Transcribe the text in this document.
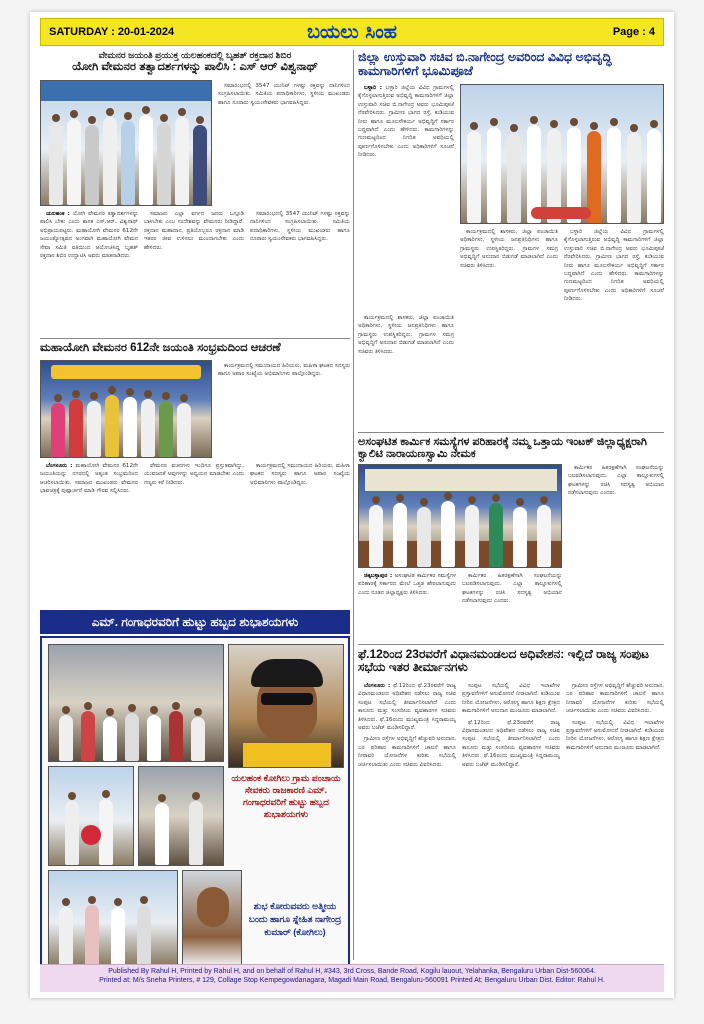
SATURDAY : 20-01-2024	ಬಯಲು ಸಿಂಹ	Page : 4
ವೇಮನರ ಜಯಂತಿ ಪ್ರಯುಕ್ತ ಯಲಹಂಕದಲ್ಲಿ ಬೃಹತ್ ರಕ್ತದಾನ ಶಿಬಿರ
ಯೋಗಿ ವೇಮನರ ತತ್ವಾದರ್ಶಗಳನ್ನು ಪಾಲಿಸಿ : ಎಸ್ ಆರ್ ವಿಶ್ವನಾಥ್

ಸಮಾರಂಭದಲ್ಲಿ 3547 ಯುನಿಟ್ ಗಳಷ್ಟು ರಕ್ತವನ್ನು ದಾನಿಗಳಿಂದ ಸಂಗ್ರಹಿಸಲಾಯಿತು. ಸಮಿತಿಯ ಪದಾಧಿಕಾರಿಗಳು, ಸ್ಥಳೀಯ ಮುಖಂಡರು ಹಾಗೂ ನೂರಾರು ಸ್ವಯಂಸೇವಕರು ಭಾಗವಹಿಸಿದ್ದರು.

ಯಲಹಂಕ : ಯೋಗಿ ವೇಮನರ ತತ್ವಾದರ್ಶಗಳನ್ನು ಪಾಲಿಸಿ ಬೇಕು ಎಂದು ಶಾಸಕ ಎಸ್.ಆರ್. ವಿಶ್ವನಾಥ್ ಅಭಿಪ್ರಾಯಪಟ್ಟರು. ಮಹಾಯೋಗಿ ವೇಮನರ 612ನೇ ಜಯಂತ್ಯೋತ್ಸವದ ಅಂಗವಾಗಿ ಮಹಾಯೋಗಿ ವೇಮನ ಸೇವಾ ಸಮಿತಿ ವತಿಯಿಂದ ಆಯೋಜಿಸಿದ್ದ ಬೃಹತ್ ರಕ್ತದಾನ ಶಿಬಿರ ಉದ್ಘಾಟಿಸಿ ಅವರು ಮಾತನಾಡಿದರು.

ಸಮಾಜದ ಎಲ್ಲಾ ವರ್ಗದ ಜನರು ಒಗ್ಗೂಡಿ ಬಾಳಬೇಕು ಎಂಬ ಸಂದೇಶವನ್ನು ವೇಮನರು ನೀಡಿದ್ದಾರೆ. ರಕ್ತದಾನ ಮಹಾದಾನ, ಪ್ರತಿಯೊಬ್ಬರೂ ರಕ್ತದಾನ ಮಾಡಿ ಇತರರ ಜೀವ ಉಳಿಸಲು ಮುಂದಾಗಬೇಕು ಎಂದು ಹೇಳಿದರು.

ಸಮಾರಂಭದಲ್ಲಿ 3547 ಯುನಿಟ್ ಗಳಷ್ಟು ರಕ್ತವನ್ನು ದಾನಿಗಳಿಂದ ಸಂಗ್ರಹಿಸಲಾಯಿತು. ಸಮಿತಿಯ ಪದಾಧಿಕಾರಿಗಳು, ಸ್ಥಳೀಯ ಮುಖಂಡರು ಹಾಗೂ ನೂರಾರು ಸ್ವಯಂಸೇವಕರು ಭಾಗವಹಿಸಿದ್ದರು.

ಮಹಾಯೋಗಿ ವೇಮನರ 612ನೇ ಜಯಂತಿ ಸಂಭ್ರಮದಿಂದ ಆಚರಣೆ

ಕಾರ್ಯಕ್ರಮದಲ್ಲಿ ಸಮುದಾಯದ ಹಿರಿಯರು, ಮಹಿಳಾ ಘಟಕದ ಸದಸ್ಯರು ಹಾಗೂ ಅಪಾರ ಸಂಖ್ಯೆಯ ಅಭಿಮಾನಿಗಳು ಪಾಲ್ಗೊಂಡಿದ್ದರು.

ಬೆಂಗಳೂರು : ಮಹಾಯೋಗಿ ವೇಮನರ 612ನೇ ಜಯಂತಿಯನ್ನು ನಗರದಲ್ಲಿ ಅತ್ಯಂತ ಸಂಭ್ರಮದಿಂದ ಆಚರಿಸಲಾಯಿತು. ಸಮಾಜದ ಮುಖಂಡರು ವೇಮನರ ಭಾವಚಿತ್ರಕ್ಕೆ ಪುಷ್ಪಾರ್ಚನೆ ಮಾಡಿ ಗೌರವ ಸಲ್ಲಿಸಿದರು.

ವೇಮನರ ವಚನಗಳು ಇಂದಿಗೂ ಪ್ರಸ್ತುತವಾಗಿದ್ದು, ಯುವಜನತೆ ಅವುಗಳನ್ನು ಅಧ್ಯಯನ ಮಾಡಬೇಕು ಎಂದು ಗಣ್ಯರು ಕರೆ ನೀಡಿದರು.

ಕಾರ್ಯಕ್ರಮದಲ್ಲಿ ಸಮುದಾಯದ ಹಿರಿಯರು, ಮಹಿಳಾ ಘಟಕದ ಸದಸ್ಯರು ಹಾಗೂ ಅಪಾರ ಸಂಖ್ಯೆಯ ಅಭಿಮಾನಿಗಳು ಪಾಲ್ಗೊಂಡಿದ್ದರು.

ಎಮ್. ಗಂಗಾಧರವರಿಗೆ ಹುಟ್ಟು ಹಬ್ಬದ ಶುಭಾಶಯಗಳು
ಯಲಹಂಕ ಕೋಗಿಲು ಗ್ರಾಮ ಪಂಚಾಯ ಸೇವಕರು ರಾಜಕಾರಣಿ ಎಮ್. ಗಂಗಾಧರವರಿಗೆ ಹುಟ್ಟು ಹಬ್ಬದ ಶುಭಾಶಯಗಳು
ಶುಭ ಕೋರುವವರು ಅತ್ಮೀಯ ಬಂದು ಹಾಗೂ ಸ್ನೇಹಿತ ನಾಗೇಂದ್ರ ಕುಮಾರ್ (ಕೋಗಿಲು)
ಜಿಲ್ಲಾ ಉಸ್ತುವಾರಿ ಸಚಿವ ಬಿ.ನಾಗೇಂದ್ರ ಅವರಿಂದ ವಿವಿಧ ಅಭಿವೃದ್ಧಿ ಕಾಮಗಾರಿಗಳಿಗೆ ಭೂಮಿಪೂಜೆ

ಬಳ್ಳಾರಿ : ಬಳ್ಳಾರಿ ಜಿಲ್ಲೆಯ ವಿವಿಧ ಗ್ರಾಮಗಳಲ್ಲಿ ಕೈಗೊಳ್ಳಲಾಗುತ್ತಿರುವ ಅಭಿವೃದ್ಧಿ ಕಾಮಗಾರಿಗಳಿಗೆ ಜಿಲ್ಲಾ ಉಸ್ತುವಾರಿ ಸಚಿವ ಬಿ.ನಾಗೇಂದ್ರ ಅವರು ಭೂಮಿಪೂಜೆ ನೆರವೇರಿಸಿದರು. ಗ್ರಾಮೀಣ ಭಾಗದ ರಸ್ತೆ, ಕುಡಿಯುವ ನೀರು ಹಾಗೂ ಮೂಲಸೌಕರ್ಯ ಅಭಿವೃದ್ಧಿಗೆ ಸರ್ಕಾರ ಬದ್ಧವಾಗಿದೆ ಎಂದು ಹೇಳಿದರು. ಕಾಮಗಾರಿಗಳನ್ನು ಗುಣಮಟ್ಟದಿಂದ ನಿಗದಿತ ಅವಧಿಯಲ್ಲಿ ಪೂರ್ಣಗೊಳಿಸಬೇಕು ಎಂದು ಅಧಿಕಾರಿಗಳಿಗೆ ಸೂಚನೆ ನೀಡಿದರು.

ಕಾರ್ಯಕ್ರಮದಲ್ಲಿ ಶಾಸಕರು, ಜಿಲ್ಲಾ ಪಂಚಾಯಿತಿ ಅಧಿಕಾರಿಗಳು, ಸ್ಥಳೀಯ ಜನಪ್ರತಿನಿಧಿಗಳು ಹಾಗೂ ಗ್ರಾಮಸ್ಥರು ಉಪಸ್ಥಿತರಿದ್ದರು. ಗ್ರಾಮಗಳ ಸಮಗ್ರ ಅಭಿವೃದ್ಧಿಗೆ ಅನುದಾನ ಬಿಡುಗಡೆ ಮಾಡಲಾಗಿದೆ ಎಂದು ಸಚಿವರು ತಿಳಿಸಿದರು.

ಬಳ್ಳಾರಿ ಜಿಲ್ಲೆಯ ವಿವಿಧ ಗ್ರಾಮಗಳಲ್ಲಿ ಕೈಗೊಳ್ಳಲಾಗುತ್ತಿರುವ ಅಭಿವೃದ್ಧಿ ಕಾಮಗಾರಿಗಳಿಗೆ ಜಿಲ್ಲಾ ಉಸ್ತುವಾರಿ ಸಚಿವ ಬಿ.ನಾಗೇಂದ್ರ ಅವರು ಭೂಮಿಪೂಜೆ ನೆರವೇರಿಸಿದರು. ಗ್ರಾಮೀಣ ಭಾಗದ ರಸ್ತೆ, ಕುಡಿಯುವ ನೀರು ಹಾಗೂ ಮೂಲಸೌಕರ್ಯ ಅಭಿವೃದ್ಧಿಗೆ ಸರ್ಕಾರ ಬದ್ಧವಾಗಿದೆ ಎಂದು ಹೇಳಿದರು. ಕಾಮಗಾರಿಗಳನ್ನು ಗುಣಮಟ್ಟದಿಂದ ನಿಗದಿತ ಅವಧಿಯಲ್ಲಿ ಪೂರ್ಣಗೊಳಿಸಬೇಕು ಎಂದು ಅಧಿಕಾರಿಗಳಿಗೆ ಸೂಚನೆ ನೀಡಿದರು.

ಕಾರ್ಯಕ್ರಮದಲ್ಲಿ ಶಾಸಕರು, ಜಿಲ್ಲಾ ಪಂಚಾಯಿತಿ ಅಧಿಕಾರಿಗಳು, ಸ್ಥಳೀಯ ಜನಪ್ರತಿನಿಧಿಗಳು ಹಾಗೂ ಗ್ರಾಮಸ್ಥರು ಉಪಸ್ಥಿತರಿದ್ದರು. ಗ್ರಾಮಗಳ ಸಮಗ್ರ ಅಭಿವೃದ್ಧಿಗೆ ಅನುದಾನ ಬಿಡುಗಡೆ ಮಾಡಲಾಗಿದೆ ಎಂದು ಸಚಿವರು ತಿಳಿಸಿದರು.

ಅಸಂಘಟಿತ ಕಾರ್ಮಿಕ ಸಮಸ್ಯೆಗಳ ಪರಿಹಾರಕ್ಕೆ ನಮ್ಮ ಒತ್ತಾಯ ಇಂಟಕ್ ಜಿಲ್ಲಾಧ್ಯಕ್ಷರಾಗಿ ಕ್ವಾಲಿಟಿ ನಾರಾಯಣಸ್ವಾಮಿ ನೇಮಕ

ಕಾರ್ಮಿಕರ ಹಿತರಕ್ಷಣೆಗಾಗಿ ಸಂಘಟನೆಯನ್ನು ಬಲಪಡಿಸಲಾಗುವುದು. ಎಲ್ಲಾ ತಾಲ್ಲೂಕುಗಳಲ್ಲಿ ಘಟಕಗಳನ್ನು ರಚಿಸಿ ಸದಸ್ಯತ್ವ ಅಭಿಯಾನ ನಡೆಸಲಾಗುವುದು ಎಂದರು.

ಚಿಕ್ಕಬಳ್ಳಾಪುರ : ಅಸಂಘಟಿತ ಕಾರ್ಮಿಕರ ಸಮಸ್ಯೆಗಳ ಪರಿಹಾರಕ್ಕೆ ಸರ್ಕಾರದ ಮೇಲೆ ಒತ್ತಡ ಹೇರಲಾಗುವುದು ಎಂದು ನೂತನ ಜಿಲ್ಲಾಧ್ಯಕ್ಷರು ತಿಳಿಸಿದರು.

ಕಾರ್ಮಿಕರ ಹಿತರಕ್ಷಣೆಗಾಗಿ ಸಂಘಟನೆಯನ್ನು ಬಲಪಡಿಸಲಾಗುವುದು. ಎಲ್ಲಾ ತಾಲ್ಲೂಕುಗಳಲ್ಲಿ ಘಟಕಗಳನ್ನು ರಚಿಸಿ ಸದಸ್ಯತ್ವ ಅಭಿಯಾನ ನಡೆಸಲಾಗುವುದು ಎಂದರು.

ಫೆ.12ರಿಂದ 23ರವರೆಗೆ ವಿಧಾನಮಂಡಲದ ಅಧಿವೇಶನ: ಇಲ್ಲಿದೆ ರಾಜ್ಯ ಸಂಪುಟ ಸಭೆಯ ಇತರ ತೀರ್ಮಾನಗಳು

ಬೆಂಗಳೂರು : ಫೆ.12ರಿಂದ ಫೆ.23ರವರೆಗೆ ರಾಜ್ಯ ವಿಧಾನಮಂಡಲದ ಅಧಿವೇಶನ ನಡೆಸಲು ರಾಜ್ಯ ಸಚಿವ ಸಂಪುಟ ಸಭೆಯಲ್ಲಿ ತೀರ್ಮಾನಿಸಲಾಗಿದೆ ಎಂದು ಕಾನೂನು ಮತ್ತು ಸಂಸದೀಯ ವ್ಯವಹಾರಗಳ ಸಚಿವರು ತಿಳಿಸಿದರು. ಫೆ.16ರಂದು ಮುಖ್ಯಮಂತ್ರಿ ಸಿದ್ದರಾಮಯ್ಯ ಅವರು ಬಜೆಟ್ ಮಂಡಿಸಲಿದ್ದಾರೆ.

ಗ್ರಾಮೀಣ ರಸ್ತೆಗಳ ಅಭಿವೃದ್ಧಿಗೆ ಹೆಚ್ಚುವರಿ ಅನುದಾನ, ಬರ ಪರಿಹಾರ ಕಾಮಗಾರಿಗಳಿಗೆ ಚಾಲನೆ ಹಾಗೂ ನೀರಾವರಿ ಯೋಜನೆಗಳ ಕುರಿತು ಸಭೆಯಲ್ಲಿ ಚರ್ಚಿಸಲಾಯಿತು ಎಂದು ಸಚಿವರು ವಿವರಿಸಿದರು.

ಸಂಪುಟ ಸಭೆಯಲ್ಲಿ ವಿವಿಧ ಇಲಾಖೆಗಳ ಪ್ರಸ್ತಾವನೆಗಳಿಗೆ ಅನುಮೋದನೆ ನೀಡಲಾಗಿದೆ. ಕುಡಿಯುವ ನೀರಿನ ಯೋಜನೆಗಳು, ಆರೋಗ್ಯ ಹಾಗೂ ಶಿಕ್ಷಣ ಕ್ಷೇತ್ರದ ಕಾಮಗಾರಿಗಳಿಗೆ ಅನುದಾನ ಮಂಜೂರು ಮಾಡಲಾಗಿದೆ.

ಫೆ.12ರಿಂದ ಫೆ.23ರವರೆಗೆ ರಾಜ್ಯ ವಿಧಾನಮಂಡಲದ ಅಧಿವೇಶನ ನಡೆಸಲು ರಾಜ್ಯ ಸಚಿವ ಸಂಪುಟ ಸಭೆಯಲ್ಲಿ ತೀರ್ಮಾನಿಸಲಾಗಿದೆ ಎಂದು ಕಾನೂನು ಮತ್ತು ಸಂಸದೀಯ ವ್ಯವಹಾರಗಳ ಸಚಿವರು ತಿಳಿಸಿದರು. ಫೆ.16ರಂದು ಮುಖ್ಯಮಂತ್ರಿ ಸಿದ್ದರಾಮಯ್ಯ ಅವರು ಬಜೆಟ್ ಮಂಡಿಸಲಿದ್ದಾರೆ.

ಗ್ರಾಮೀಣ ರಸ್ತೆಗಳ ಅಭಿವೃದ್ಧಿಗೆ ಹೆಚ್ಚುವರಿ ಅನುದಾನ, ಬರ ಪರಿಹಾರ ಕಾಮಗಾರಿಗಳಿಗೆ ಚಾಲನೆ ಹಾಗೂ ನೀರಾವರಿ ಯೋಜನೆಗಳ ಕುರಿತು ಸಭೆಯಲ್ಲಿ ಚರ್ಚಿಸಲಾಯಿತು ಎಂದು ಸಚಿವರು ವಿವರಿಸಿದರು.

ಸಂಪುಟ ಸಭೆಯಲ್ಲಿ ವಿವಿಧ ಇಲಾಖೆಗಳ ಪ್ರಸ್ತಾವನೆಗಳಿಗೆ ಅನುಮೋದನೆ ನೀಡಲಾಗಿದೆ. ಕುಡಿಯುವ ನೀರಿನ ಯೋಜನೆಗಳು, ಆರೋಗ್ಯ ಹಾಗೂ ಶಿಕ್ಷಣ ಕ್ಷೇತ್ರದ ಕಾಮಗಾರಿಗಳಿಗೆ ಅನುದಾನ ಮಂಜೂರು ಮಾಡಲಾಗಿದೆ.

Published By Rahul H, Printed by Rahul H, and on behalf of Rahul H, #343, 3rd Cross, Bande Road, Kogilu lauout, Yelahanka, Bengaluru Urban Dist-560064.
Printed at: M/s Sneha Printers, # 129, Collage Stop Kempegowdanagara, Magadi Main Road, Bengaluru-560091 Printed At: Bengaluru Urban Dist. Editor: Rahul H.
